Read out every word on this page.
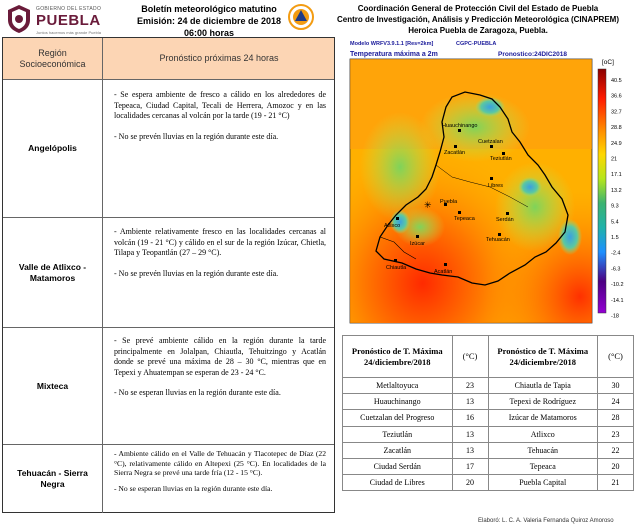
GOBIERNO DEL ESTADO
PUEBLA
Juntos hacemos más grande Puebla
Boletín meteorológico matutino
Emisión: 24 de diciembre de 2018
06:00 horas
Coordinación General de Protección Civil del Estado de Puebla
Centro de Investigación, Análisis y Predicción Meteorológica (CINAPREM)
Heroica Puebla de Zaragoza, Puebla.
Región Socioeconómica
Pronóstico próximas 24 horas
Angelópolis

- Se espera ambiente de fresco a cálido en los alrededores de Tepeaca, Ciudad Capital, Tecali de Herrera, Amozoc y en las localidades cercanas al volcán por la tarde (19 - 21 °C)

- No se prevén lluvias en la región durante este día.

Valle de Atlixco - Matamoros

- Ambiente relativamente fresco en las localidades cercanas al volcán (19 - 21 °C) y cálido en el sur de la región Izúcar, Chietla, Tilapa y Teopantlán (27 – 29 °C).

- No se prevén lluvias en la región durante este día.

Mixteca

- Se prevé ambiente cálido en la región durante la tarde principalmente en Jolalpan, Chiautla, Tehuitzingo y Acatlán donde se prevé una máxima de 28 – 30 °C, mientras que en Tepexi y Ahuatempan se esperan de 23 - 24 °C.

- No se esperan lluvias en la región durante este día.

Tehuacán - Sierra Negra

- Ambiente cálido en el Valle de Tehuacán y Tlacotepec de Díaz (22 °C), relativamente cálido en Altepexi (25 °C). En localidades de la Sierra Negra se prevé una tarde fría (12 - 15 °C).

- No se esperan lluvias en la región durante este día.

Modelo WRFV3.9.1.1 [Res=2km]	CGPC-PUEBLA
Temperatura máxima a 2m	Pronostico:24DIC2018
[oC]
Huauchinango
Cuetzalan
Zacatlán
Teziutlán
Libres
✳ Puebla
Tepeaca	Serdán
Atlixco
Tehuacán
Izúcar
Chiautla
Acatlán
40.5
36.6
32.7
28.8
24.9
21
17.1
13.2
9.3
5.4
1.5
-2.4
-6.3
-10.2
-14.1
-18
Pronóstico de T. Máxima 24/diciembre/2018	(°C)	Pronóstico de T. Máxima 24/diciembre/2018	(°C)
Metlaltoyuca	23	Chiautla de Tapia	30
Huauchinango	13	Tepexi de Rodríguez	24
Cuetzalan del Progreso	16	Izúcar de Matamoros	28
Teziutlán	13	Atlixco	23
Zacatlán	13	Tehuacán	22
Ciudad Serdán	17	Tepeaca	20
Ciudad de Libres	20	Puebla Capital	21
Elaboró: L. C. A. Valeria Fernanda Quiroz Amoroso
